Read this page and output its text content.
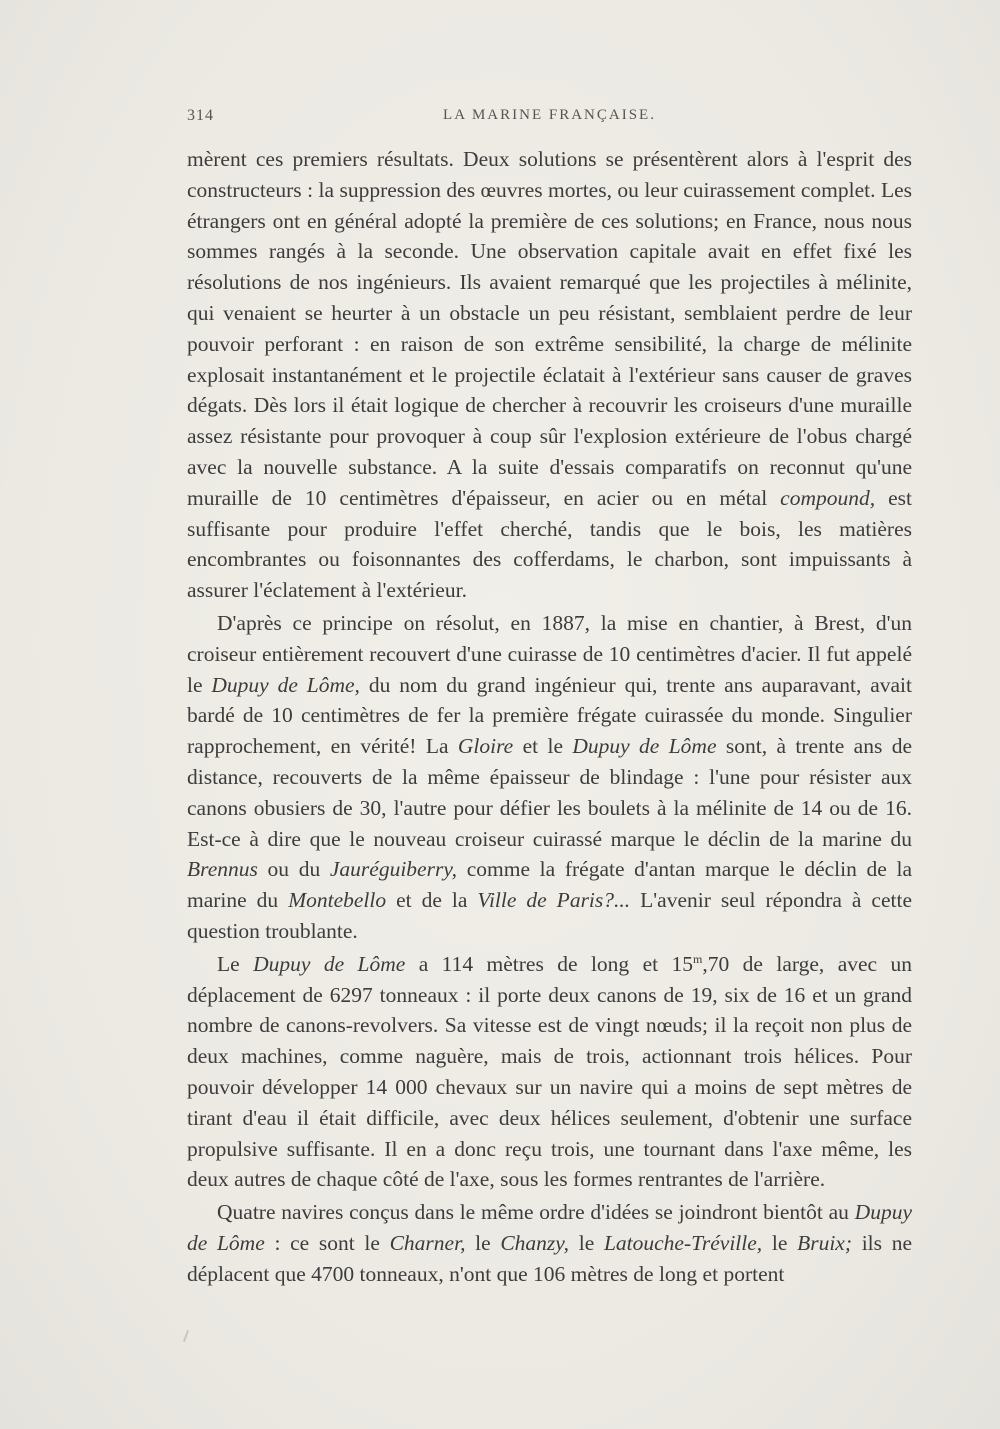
314	LA MARINE FRANÇAISE.

mèrent ces premiers résultats. Deux solutions se présentèrent alors à l'esprit des constructeurs : la suppression des œuvres mortes, ou leur cuirassement complet. Les étrangers ont en général adopté la première de ces solutions; en France, nous nous sommes rangés à la seconde. Une observation capitale avait en effet fixé les résolutions de nos ingénieurs. Ils avaient remarqué que les projectiles à mélinite, qui venaient se heurter à un obstacle un peu résistant, semblaient perdre de leur pouvoir perforant : en raison de son extrême sensibilité, la charge de mélinite explosait instantanément et le projectile éclatait à l'extérieur sans causer de graves dégats. Dès lors il était logique de chercher à recouvrir les croiseurs d'une muraille assez résistante pour provoquer à coup sûr l'explosion extérieure de l'obus chargé avec la nouvelle substance. A la suite d'essais comparatifs on reconnut qu'une muraille de 10 centimètres d'épaisseur, en acier ou en métal compound, est suffisante pour produire l'effet cherché, tandis que le bois, les matières encombrantes ou foisonnantes des cofferdams, le charbon, sont impuissants à assurer l'éclatement à l'extérieur.

D'après ce principe on résolut, en 1887, la mise en chantier, à Brest, d'un croiseur entièrement recouvert d'une cuirasse de 10 centimètres d'acier. Il fut appelé le Dupuy de Lôme, du nom du grand ingénieur qui, trente ans auparavant, avait bardé de 10 centimètres de fer la première frégate cuirassée du monde. Singulier rapprochement, en vérité! La Gloire et le Dupuy de Lôme sont, à trente ans de distance, recouverts de la même épaisseur de blindage : l'une pour résister aux canons obusiers de 30, l'autre pour défier les boulets à la mélinite de 14 ou de 16. Est-ce à dire que le nouveau croiseur cuirassé marque le déclin de la marine du Brennus ou du Jauréguiberry, comme la frégate d'antan marque le déclin de la marine du Montebello et de la Ville de Paris?... L'avenir seul répondra à cette question troublante.

Le Dupuy de Lôme a 114 mètres de long et 15$^m$,70 de large, avec un déplacement de 6297 tonneaux : il porte deux canons de 19, six de 16 et un grand nombre de canons-revolvers. Sa vitesse est de vingt nœuds; il la reçoit non plus de deux machines, comme naguère, mais de trois, actionnant trois hélices. Pour pouvoir développer 14 000 chevaux sur un navire qui a moins de sept mètres de tirant d'eau il était difficile, avec deux hélices seulement, d'obtenir une surface propulsive suffisante. Il en a donc reçu trois, une tournant dans l'axe même, les deux autres de chaque côté de l'axe, sous les formes rentrantes de l'arrière.

Quatre navires conçus dans le même ordre d'idées se joindront bientôt au Dupuy de Lôme : ce sont le Charner, le Chanzy, le Latouche-Tréville, le Bruix; ils ne déplacent que 4700 tonneaux, n'ont que 106 mètres de long et portent
